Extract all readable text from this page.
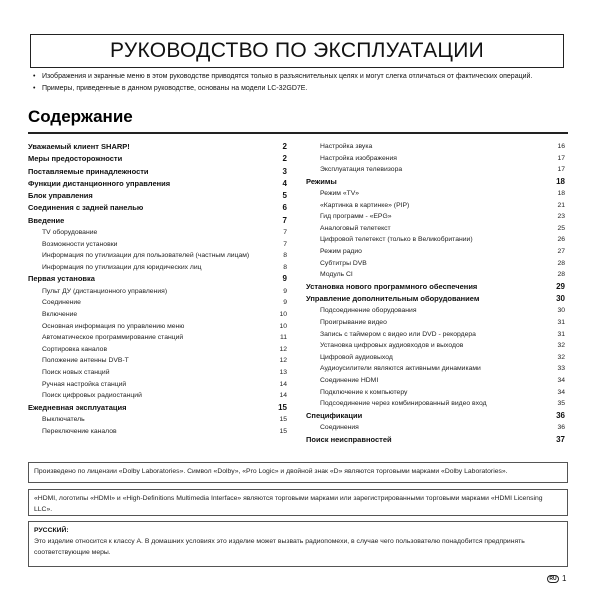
РУКОВОДСТВО ПО ЭКСПЛУАТАЦИИ
• Изображения и экранные меню в этом руководстве приводятся только в разъяснительных целях и могут слегка отличаться от фактических операций.
• Примеры, приведенные в данном руководстве, основаны на модели LC-32GD7E.
Содержание
Уважаемый клиент SHARP!	2
Меры предосторожности	2
Поставляемые принадлежности	3
Функции дистанционного управления	4
Блок управления	5
Соединения с задней панелью	6
Введение	7
TV оборудование	7
Возможности установки	7
Информация по утилизации для пользователей (частным лицам)	8
Информация по утилизации для юридических лиц	8
Первая установка	9
Пульт ДУ (дистанционного управления)	9
Соединение	9
Включение	10
Основная информация по управлению меню	10
Автоматическое программирование станций	11
Сортировка каналов	12
Положение антенны DVB-T	12
Поиск новых станций	13
Ручная настройка станций	14
Поиск цифровых радиостанций	14
Ежедневная эксплуатация	15
Выключатель	15
Переключение каналов	15
Настройка звука	16
Настройка изображения	17
Эксплуатация телевизора	17
Режимы	18
Режим «TV»	18
«Картинка в картинке» (PIP)	21
Гид программ - «EPG»	23
Аналоговый телетекст	25
Цифровой телетекст (только в Великобритании)	26
Режим радио	27
Субтитры DVB	28
Модуль CI	28
Установка нового программного обеспечения	29
Управление дополнительным оборудованием	30
Подсоединение оборудования	30
Проигрывание видео	31
Запись с таймером с видео или DVD - рекордера	31
Установка цифровых аудиовходов и выходов	32
Цифровой аудиовыход	32
Аудиоусилители являются активными динамиками	33
Соединение HDMI	34
Подключение к компьютеру	34
Подсоединение через комбинированный видео вход	35
Спецификации	36
Соединения	36
Поиск неисправностей	37
Произведено по лицензии «Dolby Laboratories». Символ «Dolby», «Pro Logic» и двойной знак «D» являются торговыми марками «Dolby Laboratories».
«HDMI, логотипы «HDMI» и «High-Definitions Multimedia Interface» являются торговыми марками или зарегистрированными торговыми марками «HDMI Licensing LLC».
РУССКИЙ:
Это изделие относится к классу А. В домашних условиях это изделие может вызвать радиопомехи, в случае чего пользователю понадобится предпринять соответствующие меры.
RU 1
